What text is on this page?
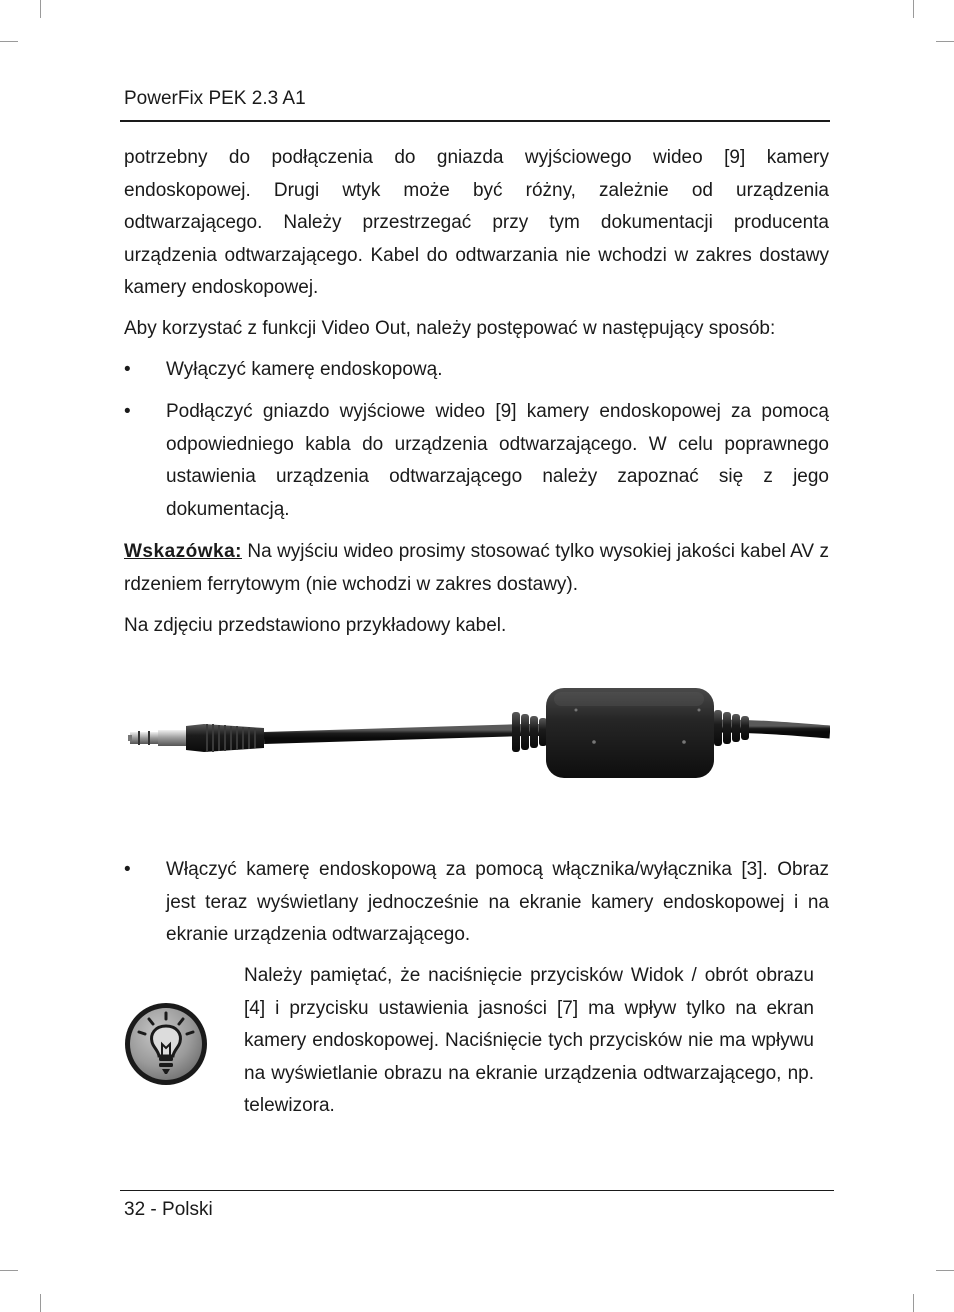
PowerFix PEK 2.3 A1

potrzebny do podłączenia do gniazda wyjściowego wideo [9] kamery endoskopowej. Drugi wtyk może być różny, zależnie od urządzenia odtwarzającego. Należy przestrzegać przy tym dokumentacji producenta urządzenia odtwarzającego. Kabel do odtwarzania nie wchodzi w zakres dostawy kamery endoskopowej.

Aby korzystać z funkcji Video Out, należy postępować w następujący sposób:

•	Wyłączyć kamerę endoskopową.
•	Podłączyć gniazdo wyjściowe wideo [9] kamery endoskopowej za pomocą odpowiedniego kabla do urządzenia odtwarzającego. W celu poprawnego ustawienia urządzenia odtwarzającego należy zapoznać się z jego dokumentacją.

Wskazówka: Na wyjściu wideo prosimy stosować tylko wysokiej jakości kabel AV z rdzeniem ferrytowym (nie wchodzi w zakres dostawy).

Na zdjęciu przedstawiono przykładowy kabel.

•	Włączyć kamerę endoskopową za pomocą włącznika/wyłącznika [3]. Obraz jest teraz wyświetlany jednocześnie na ekranie kamery endoskopowej i na ekranie urządzenia odtwarzającego.
Należy pamiętać, że naciśnięcie przycisków Widok / obrót obrazu [4] i przycisku ustawienia jasności [7] ma wpływ tylko na ekran kamery endoskopowej. Naciśnięcie tych przycisków nie ma wpływu na wyświetlanie obrazu na ekranie urządzenia odtwarzającego, np. telewizora.
32 - Polski
